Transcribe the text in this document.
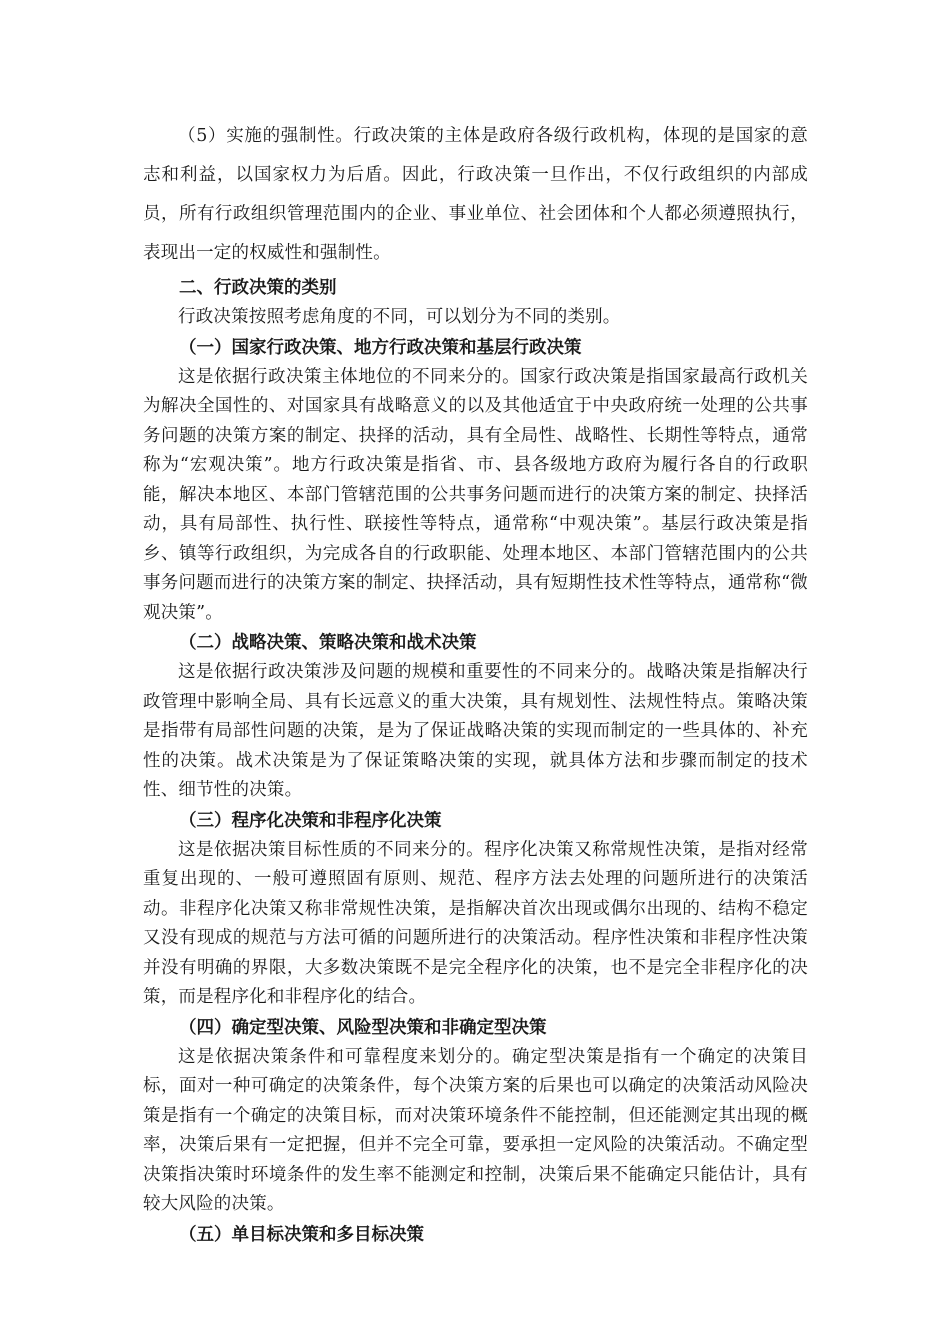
（5）实施的强制性。行政决策的主体是政府各级行政机构，体现的是国家的意志和利益，以国家权力为后盾。因此，行政决策一旦作出，不仅行政组织的内部成员，所有行政组织管理范围内的企业、事业单位、社会团体和个人都必须遵照执行，表现出一定的权威性和强制性。

二、行政决策的类别

行政决策按照考虑角度的不同，可以划分为不同的类别。

（一）国家行政决策、地方行政决策和基层行政决策

这是依据行政决策主体地位的不同来分的。国家行政决策是指国家最高行政机关为解决全国性的、对国家具有战略意义的以及其他适宜于中央政府统一处理的公共事务问题的决策方案的制定、抉择的活动，具有全局性、战略性、长期性等特点，通常称为“宏观决策”。地方行政决策是指省、市、县各级地方政府为履行各自的行政职能，解决本地区、本部门管辖范围的公共事务问题而进行的决策方案的制定、抉择活动，具有局部性、执行性、联接性等特点，通常称“中观决策”。基层行政决策是指乡、镇等行政组织，为完成各自的行政职能、处理本地区、本部门管辖范围内的公共事务问题而进行的决策方案的制定、抉择活动，具有短期性技术性等特点，通常称“微观决策”。

（二）战略决策、策略决策和战术决策

这是依据行政决策涉及问题的规模和重要性的不同来分的。战略决策是指解决行政管理中影响全局、具有长远意义的重大决策，具有规划性、法规性特点。策略决策是指带有局部性问题的决策，是为了保证战略决策的实现而制定的一些具体的、补充性的决策。战术决策是为了保证策略决策的实现，就具体方法和步骤而制定的技术性、细节性的决策。

（三）程序化决策和非程序化决策

这是依据决策目标性质的不同来分的。程序化决策又称常规性决策，是指对经常重复出现的、一般可遵照固有原则、规范、程序方法去处理的问题所进行的决策活动。非程序化决策又称非常规性决策，是指解决首次出现或偶尔出现的、结构不稳定又没有现成的规范与方法可循的问题所进行的决策活动。程序性决策和非程序性决策并没有明确的界限，大多数决策既不是完全程序化的决策，也不是完全非程序化的决策，而是程序化和非程序化的结合。

（四）确定型决策、风险型决策和非确定型决策

这是依据决策条件和可靠程度来划分的。确定型决策是指有一个确定的决策目标，面对一种可确定的决策条件，每个决策方案的后果也可以确定的决策活动风险决策是指有一个确定的决策目标，而对决策环境条件不能控制，但还能测定其出现的概率，决策后果有一定把握，但并不完全可靠，要承担一定风险的决策活动。不确定型决策指决策时环境条件的发生率不能测定和控制，决策后果不能确定只能估计，具有较大风险的决策。

（五）单目标决策和多目标决策
